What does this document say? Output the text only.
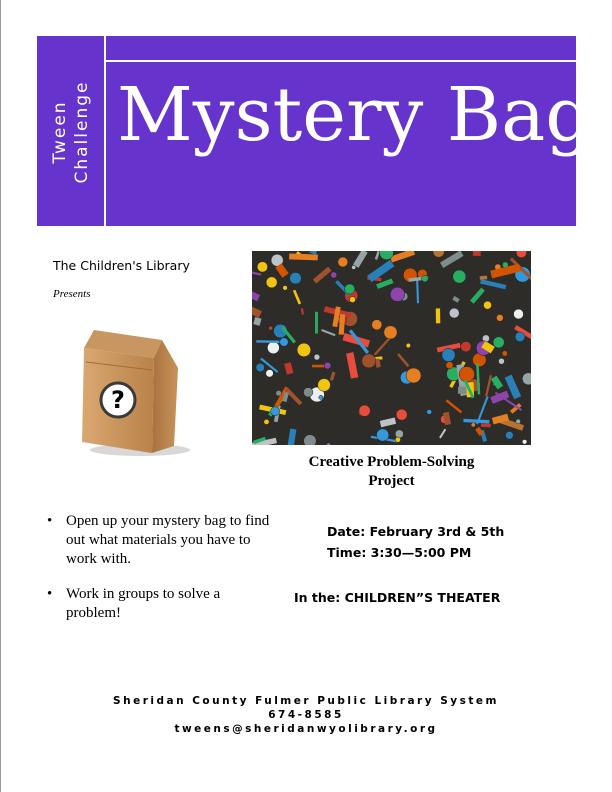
Tween Challenge Mystery Bag
The Children's Library
Presents
?
• Open up your mystery bag to find out what materials you have to work with.
• Work in groups to solve a problem!
Creative Problem-Solving
Project
Date: February 3rd & 5th
Time: 3:30—5:00 PM
In the: CHILDREN”S THEATER
Sheridan County Fulmer Public Library System
674-8585
tweens@sheridanwyolibrary.org
